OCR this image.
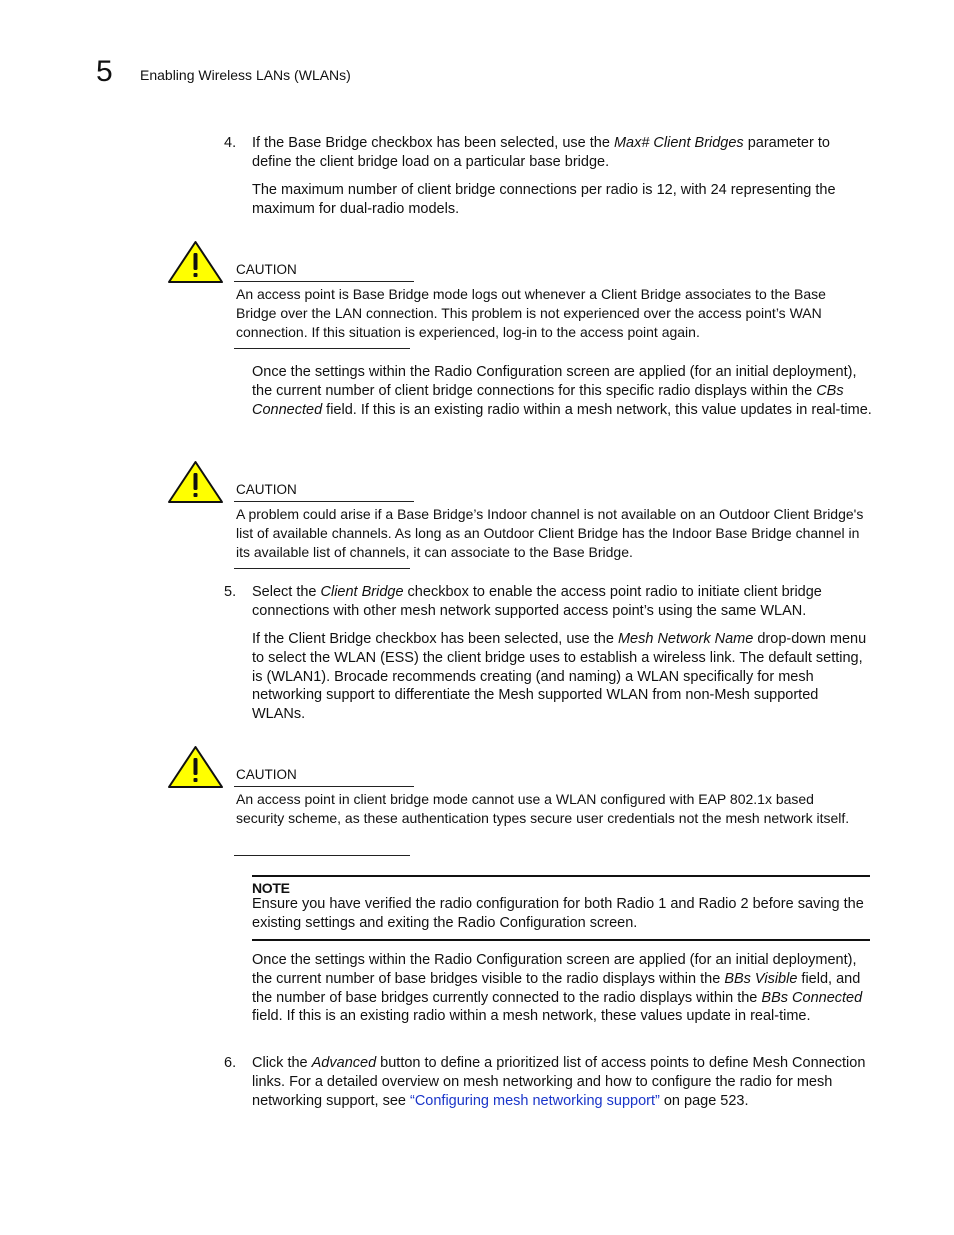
5 Enabling Wireless LANs (WLANs)
4. If the Base Bridge checkbox has been selected, use the Max# Client Bridges parameter to define the client bridge load on a particular base bridge.

The maximum number of client bridge connections per radio is 12, with 24 representing the maximum for dual-radio models.

CAUTION

An access point is Base Bridge mode logs out whenever a Client Bridge associates to the Base Bridge over the LAN connection. This problem is not experienced over the access point’s WAN connection. If this situation is experienced, log-in to the access point again.

Once the settings within the Radio Configuration screen are applied (for an initial deployment), the current number of client bridge connections for this specific radio displays within the CBs Connected field. If this is an existing radio within a mesh network, this value updates in real-time.

CAUTION

A problem could arise if a Base Bridge’s Indoor channel is not available on an Outdoor Client Bridge's list of available channels. As long as an Outdoor Client Bridge has the Indoor Base Bridge channel in its available list of channels, it can associate to the Base Bridge.

5. Select the Client Bridge checkbox to enable the access point radio to initiate client bridge connections with other mesh network supported access point’s using the same WLAN.

If the Client Bridge checkbox has been selected, use the Mesh Network Name drop-down menu to select the WLAN (ESS) the client bridge uses to establish a wireless link. The default setting, is (WLAN1). Brocade recommends creating (and naming) a WLAN specifically for mesh networking support to differentiate the Mesh supported WLAN from non-Mesh supported WLANs.

CAUTION

An access point in client bridge mode cannot use a WLAN configured with EAP 802.1x based security scheme, as these authentication types secure user credentials not the mesh network itself.

NOTE

Ensure you have verified the radio configuration for both Radio 1 and Radio 2 before saving the existing settings and exiting the Radio Configuration screen.

Once the settings within the Radio Configuration screen are applied (for an initial deployment), the current number of base bridges visible to the radio displays within the BBs Visible field, and the number of base bridges currently connected to the radio displays within the BBs Connected field. If this is an existing radio within a mesh network, these values update in real-time.

6. Click the Advanced button to define a prioritized list of access points to define Mesh Connection links. For a detailed overview on mesh networking and how to configure the radio for mesh networking support, see “Configuring mesh networking support” on page 523.
